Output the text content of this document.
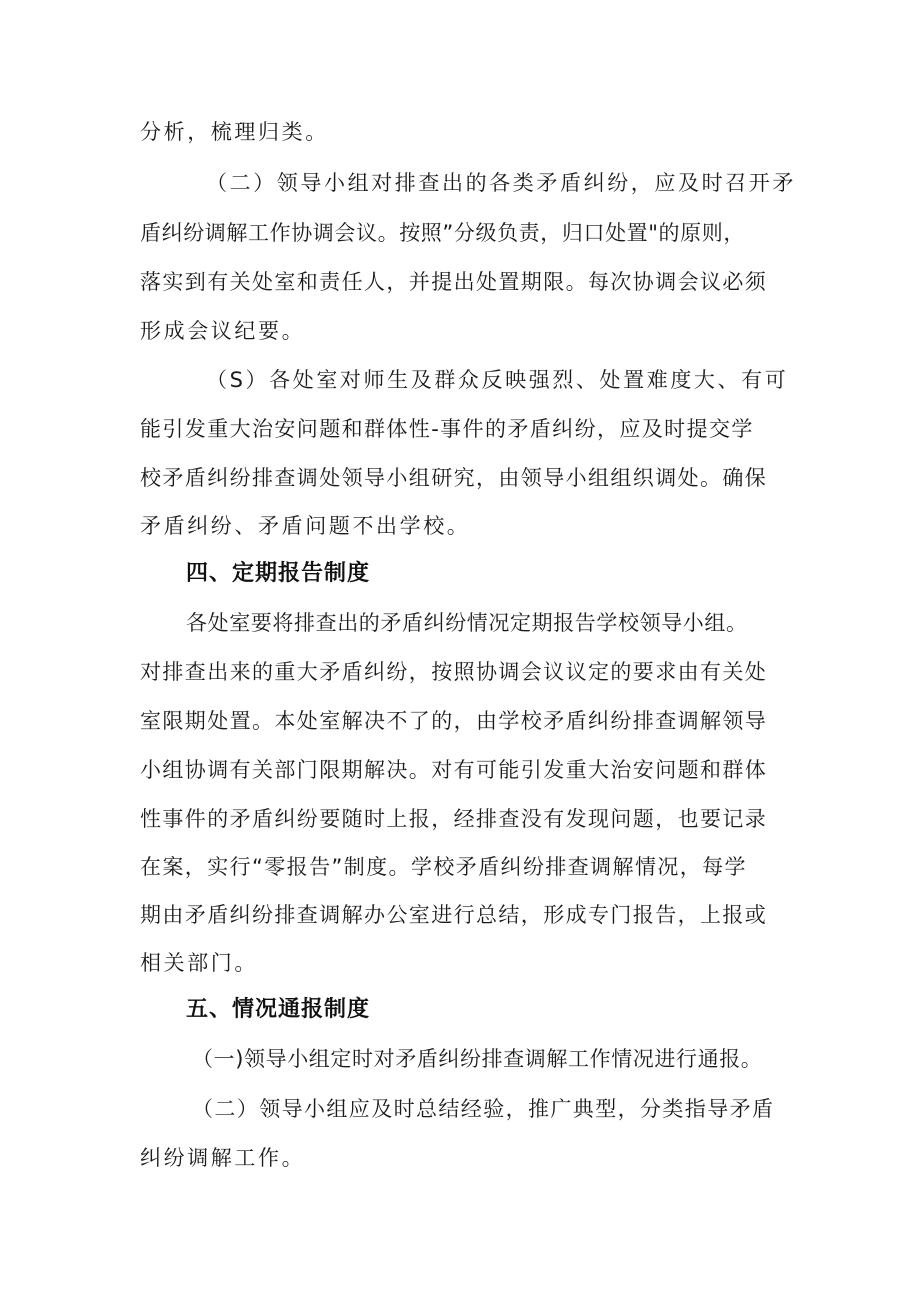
分析，梳理归类。
（二）领导小组对排查出的各类矛盾纠纷，应及时召开矛
盾纠纷调解工作协调会议。按照”分级负责，归口处置"的原则，
落实到有关处室和责任人，并提出处置期限。每次协调会议必须
形成会议纪要。
（S）各处室对师生及群众反映强烈、处置难度大、有可
能引发重大治安问题和群体性-事件的矛盾纠纷，应及时提交学
校矛盾纠纷排查调处领导小组研究，由领导小组组织调处。确保
矛盾纠纷、矛盾问题不出学校。
四、定期报告制度
各处室要将排查出的矛盾纠纷情况定期报告学校领导小组。
对排查出来的重大矛盾纠纷，按照协调会议议定的要求由有关处
室限期处置。本处室解决不了的，由学校矛盾纠纷排查调解领导
小组协调有关部门限期解决。对有可能引发重大治安问题和群体
性事件的矛盾纠纷要随时上报，经排查没有发现问题，也要记录
在案，实行“零报告”制度。学校矛盾纠纷排查调解情况，每学
期由矛盾纠纷排查调解办公室进行总结，形成专门报告，上报或
相关部门。
五、情况通报制度
（一)领导小组定时对矛盾纠纷排查调解工作情况进行通报。
（二）领导小组应及时总结经验，推广典型，分类指导矛盾
纠纷调解工作。
